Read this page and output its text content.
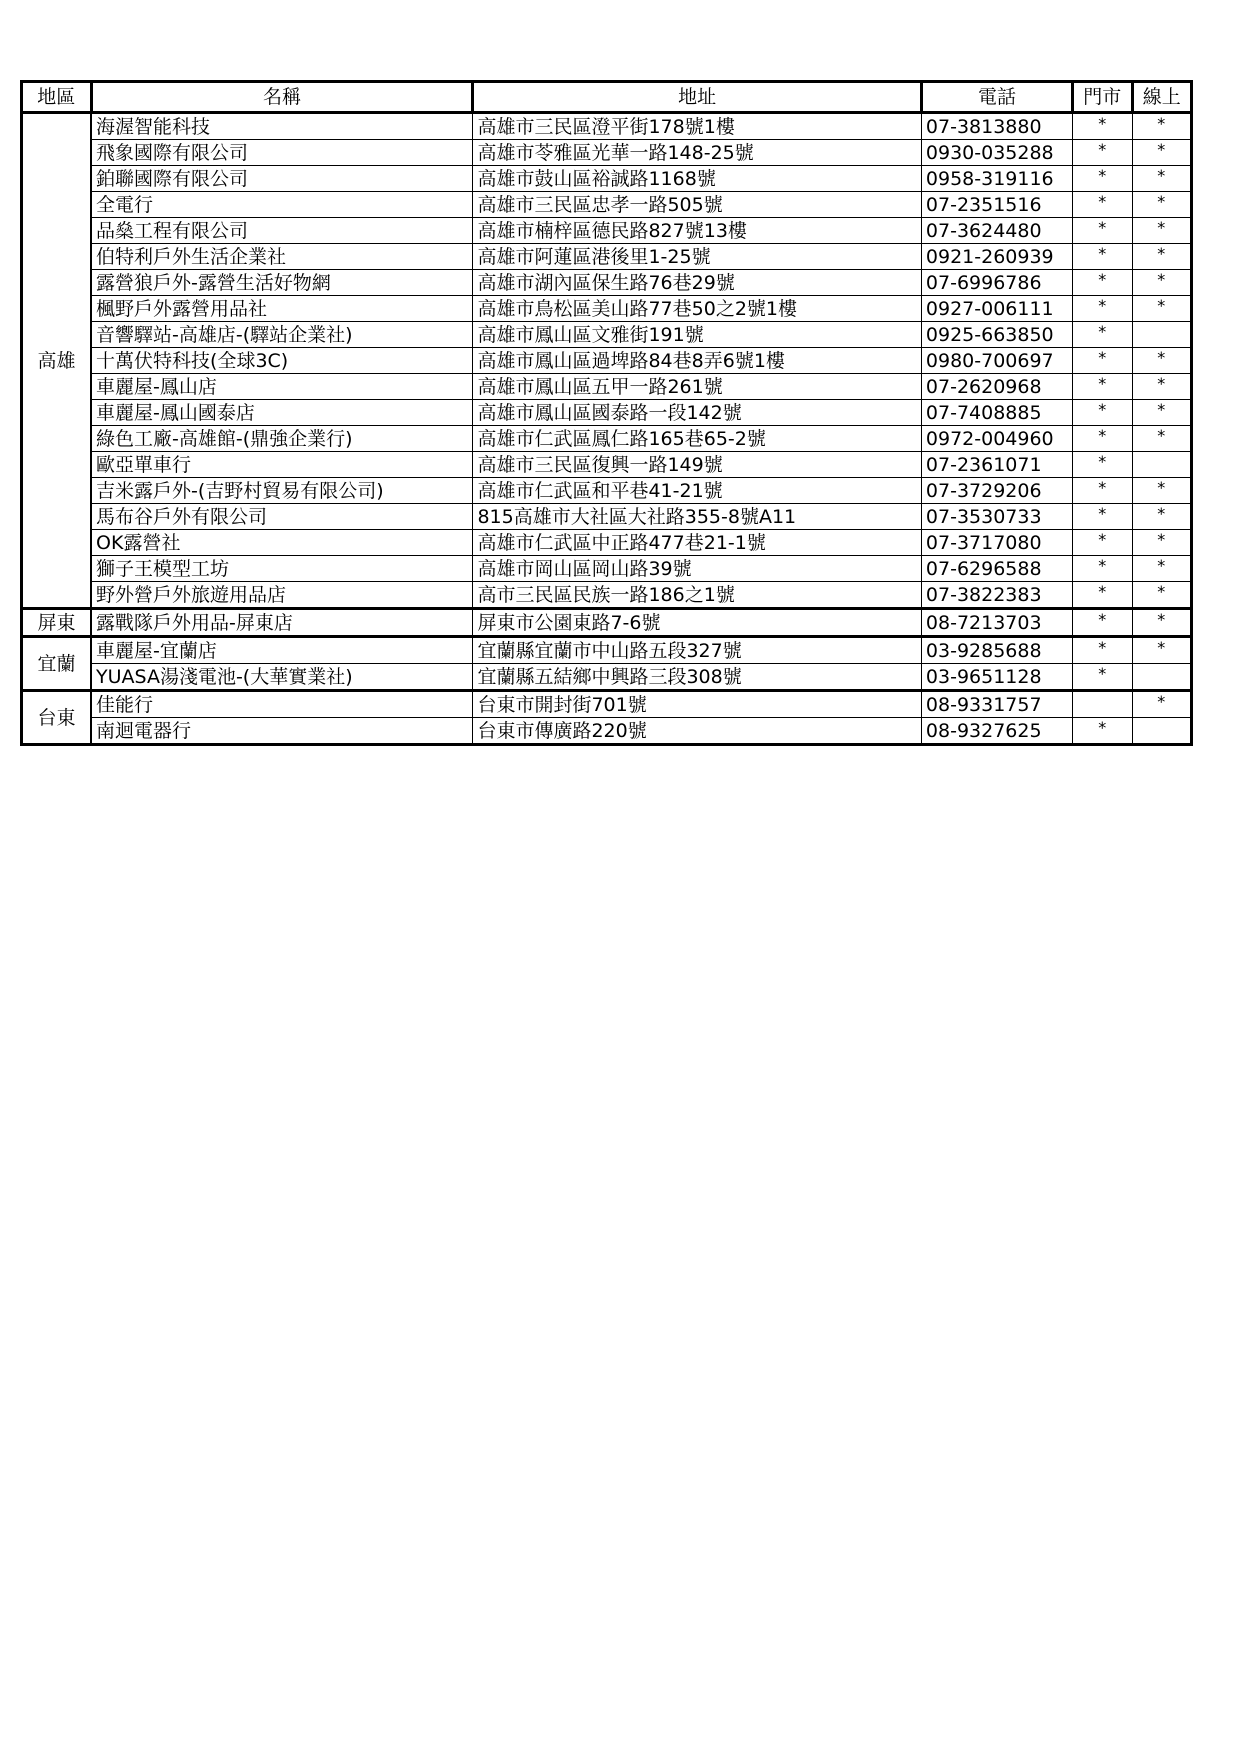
地區	名稱	地址	電話	門市	線上
高雄	海渥智能科技	高雄市三民區澄平街178號1樓	07-3813880	*	*
	飛象國際有限公司	高雄市苓雅區光華一路148-25號	0930-035288	*	*
	鉑聯國際有限公司	高雄市鼓山區裕誠路1168號	0958-319116	*	*
	全電行	高雄市三民區忠孝一路505號	07-2351516	*	*
	品燊工程有限公司	高雄市楠梓區德民路827號13樓	07-3624480	*	*
	伯特利戶外生活企業社	高雄市阿蓮區港後里1-25號	0921-260939	*	*
	露營狼戶外-露營生活好物網	高雄市湖內區保生路76巷29號	07-6996786	*	*
	楓野戶外露營用品社	高雄市鳥松區美山路77巷50之2號1樓	0927-006111	*	*
	音響驛站-高雄店-(驛站企業社)	高雄市鳳山區文雅街191號	0925-663850	*	
	十萬伏特科技(全球3C)	高雄市鳳山區過埤路84巷8弄6號1樓	0980-700697	*	*
	車麗屋-鳳山店	高雄市鳳山區五甲一路261號	07-2620968	*	*
	車麗屋-鳳山國泰店	高雄市鳳山區國泰路一段142號	07-7408885	*	*
	綠色工廠-高雄館-(鼎強企業行)	高雄市仁武區鳳仁路165巷65-2號	0972-004960	*	*
	歐亞單車行	高雄市三民區復興一路149號	07-2361071	*	
	吉米露戶外-(吉野村貿易有限公司)	高雄市仁武區和平巷41-21號	07-3729206	*	*
	馬布谷戶外有限公司	815高雄市大社區大社路355-8號A11	07-3530733	*	*
	OK露營社	高雄市仁武區中正路477巷21-1號	07-3717080	*	*
	獅子王模型工坊	高雄市岡山區岡山路39號	07-6296588	*	*
	野外營戶外旅遊用品店	高市三民區民族一路186之1號	07-3822383	*	*
屏東	露戰隊戶外用品-屏東店	屏東市公園東路7-6號	08-7213703	*	*
宜蘭	車麗屋-宜蘭店	宜蘭縣宜蘭市中山路五段327號	03-9285688	*	*
	YUASA湯淺電池-(大華實業社)	宜蘭縣五結鄉中興路三段308號	03-9651128	*	
台東	佳能行	台東市開封街701號	08-9331757		*
	南迴電器行	台東市傳廣路220號	08-9327625	*	
